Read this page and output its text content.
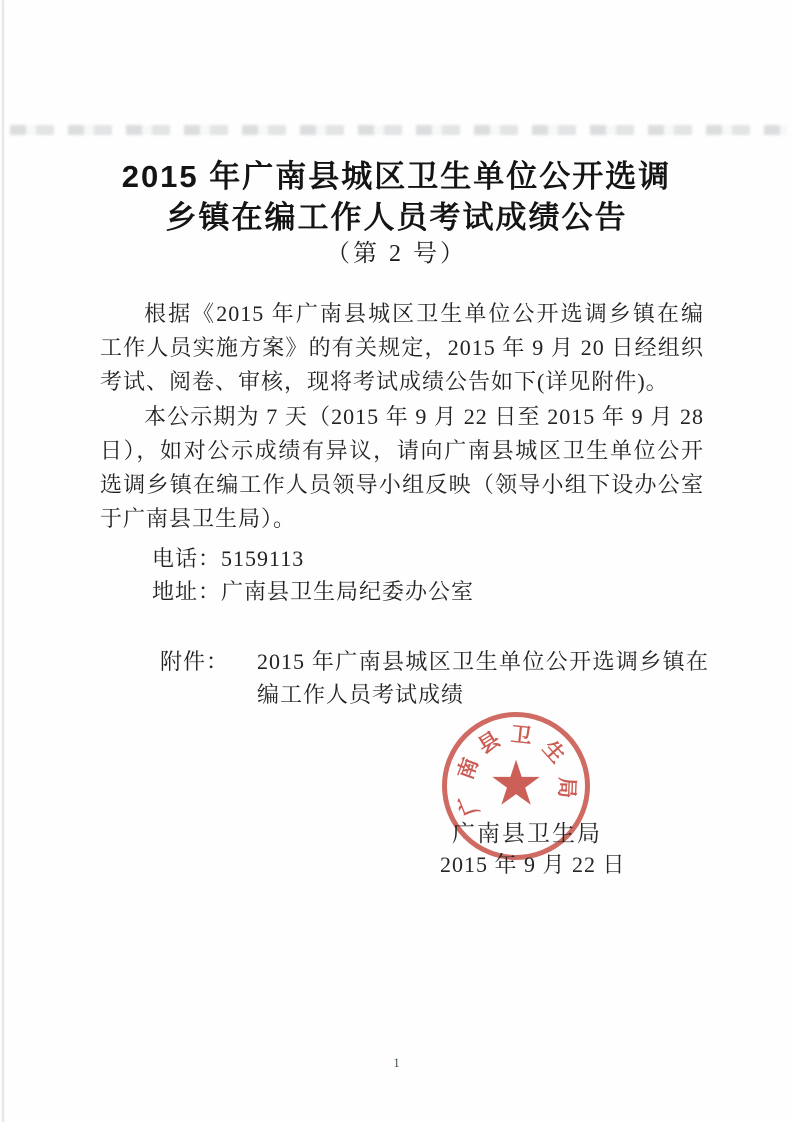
2015 年广南县城区卫生单位公开选调
乡镇在编工作人员考试成绩公告
（第 2 号）

根据《2015 年广南县城区卫生单位公开选调乡镇在编工作人员实施方案》的有关规定，2015 年 9 月 20 日经组织考试、阅卷、审核，现将考试成绩公告如下(详见附件)。

本公示期为 7 天（2015 年 9 月 22 日至 2015 年 9 月 28 日），如对公示成绩有异议，请向广南县城区卫生单位公开选调乡镇在编工作人员领导小组反映（领导小组下设办公室于广南县卫生局）。

电话：5159113
地址：广南县卫生局纪委办公室
附件： 2015 年广南县城区卫生单位公开选调乡镇在编工作人员考试成绩
★
广
南
县 卫
生
局
广南县卫生局
2015 年 9 月 22 日
1
